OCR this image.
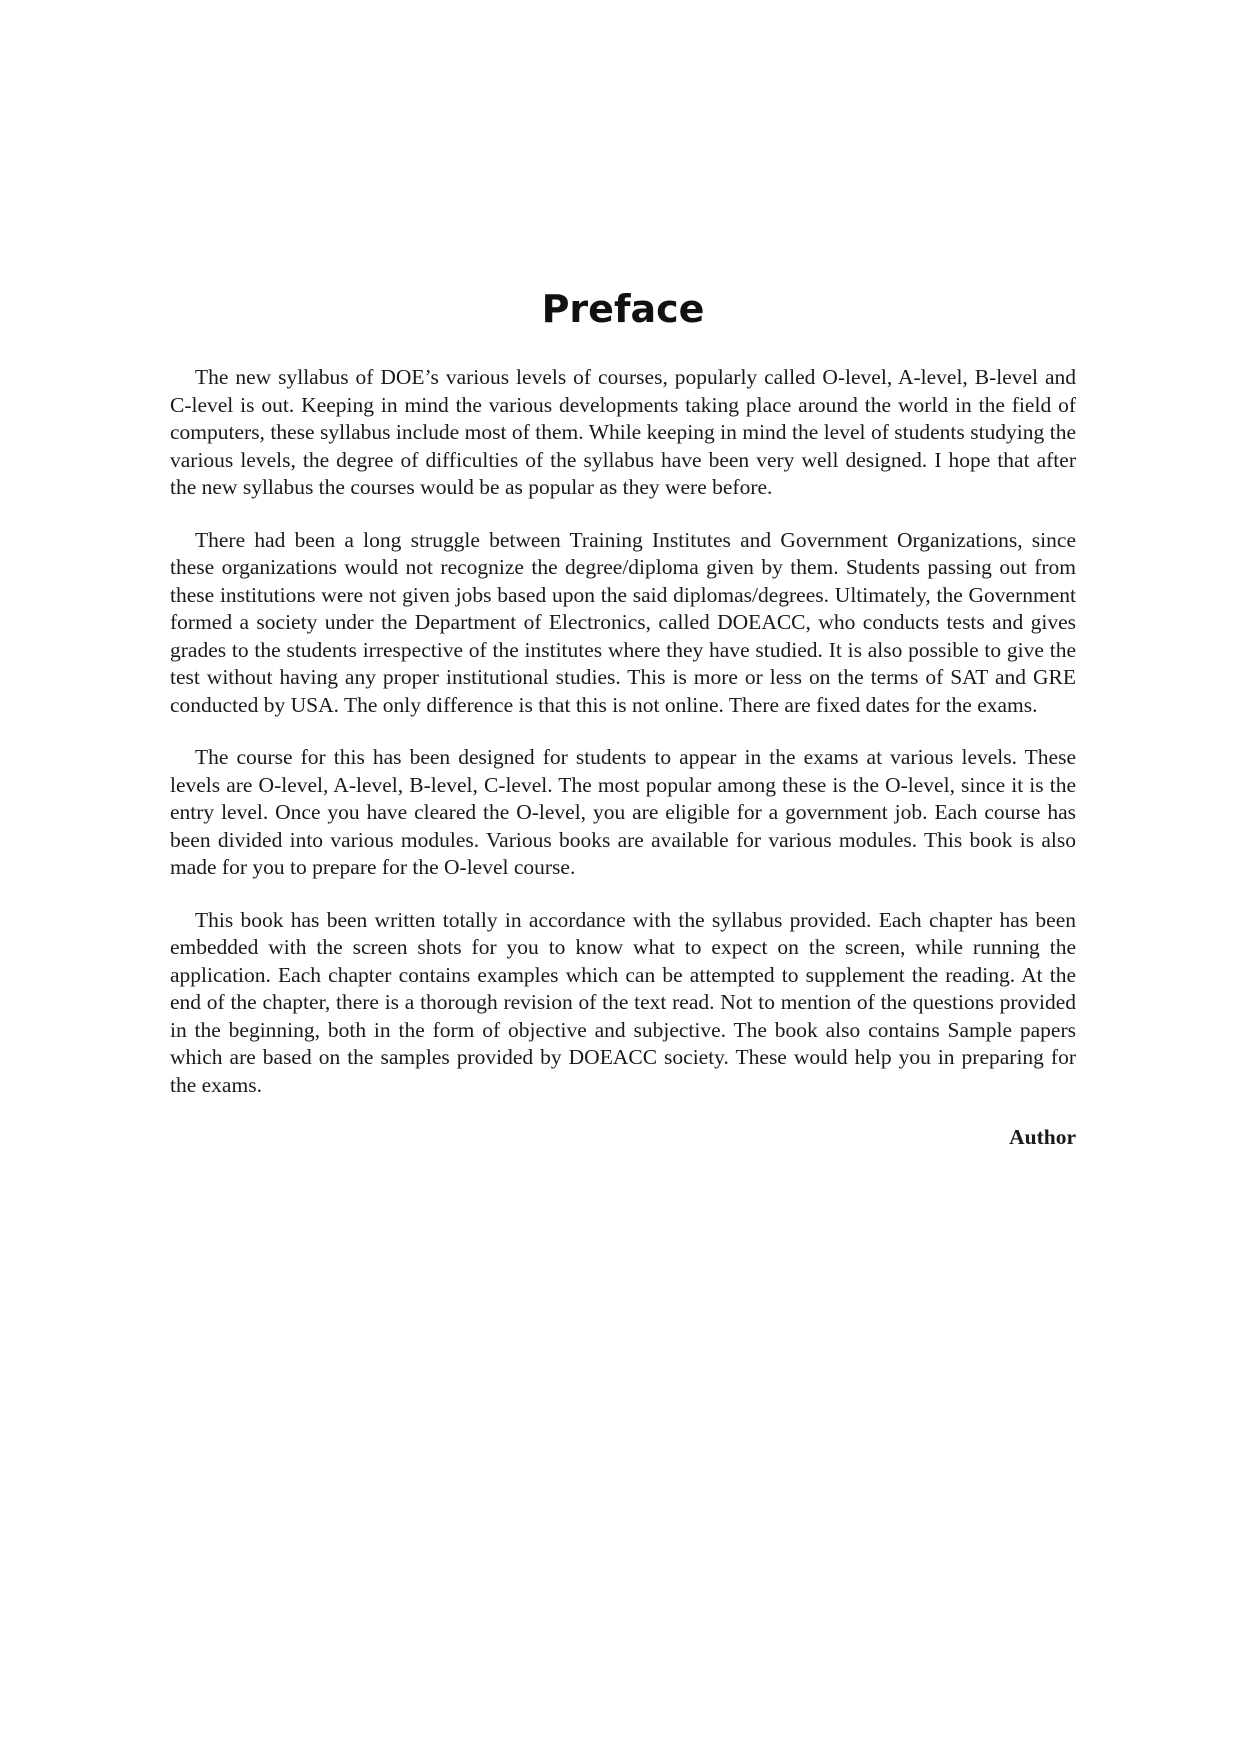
Preface

The new syllabus of DOE’s various levels of courses, popularly called O-level, A-level, B-level and C-level is out. Keeping in mind the various developments taking place around the world in the field of computers, these syllabus include most of them. While keeping in mind the level of students studying the various levels, the degree of difficulties of the syllabus have been very well designed. I hope that after the new syllabus the courses would be as popular as they were before.

There had been a long struggle between Training Institutes and Government Organizations, since these organizations would not recognize the degree/diploma given by them. Students passing out from these institutions were not given jobs based upon the said diplomas/degrees. Ultimately, the Government formed a society under the Department of Electronics, called DOEACC, who conducts tests and gives grades to the students irrespective of the institutes where they have studied. It is also possible to give the test without having any proper institutional studies. This is more or less on the terms of SAT and GRE conducted by USA. The only difference is that this is not online. There are fixed dates for the exams.

The course for this has been designed for students to appear in the exams at various levels. These levels are O-level, A-level, B-level, C-level. The most popular among these is the O-level, since it is the entry level. Once you have cleared the O-level, you are eligible for a government job. Each course has been divided into various modules. Various books are available for various modules. This book is also made for you to prepare for the O-level course.

This book has been written totally in accordance with the syllabus provided. Each chapter has been embedded with the screen shots for you to know what to expect on the screen, while running the application. Each chapter contains examples which can be attempted to supplement the reading. At the end of the chapter, there is a thorough revision of the text read. Not to mention of the questions provided in the beginning, both in the form of objective and subjective. The book also contains Sample papers which are based on the samples provided by DOEACC society. These would help you in preparing for the exams.

Author
